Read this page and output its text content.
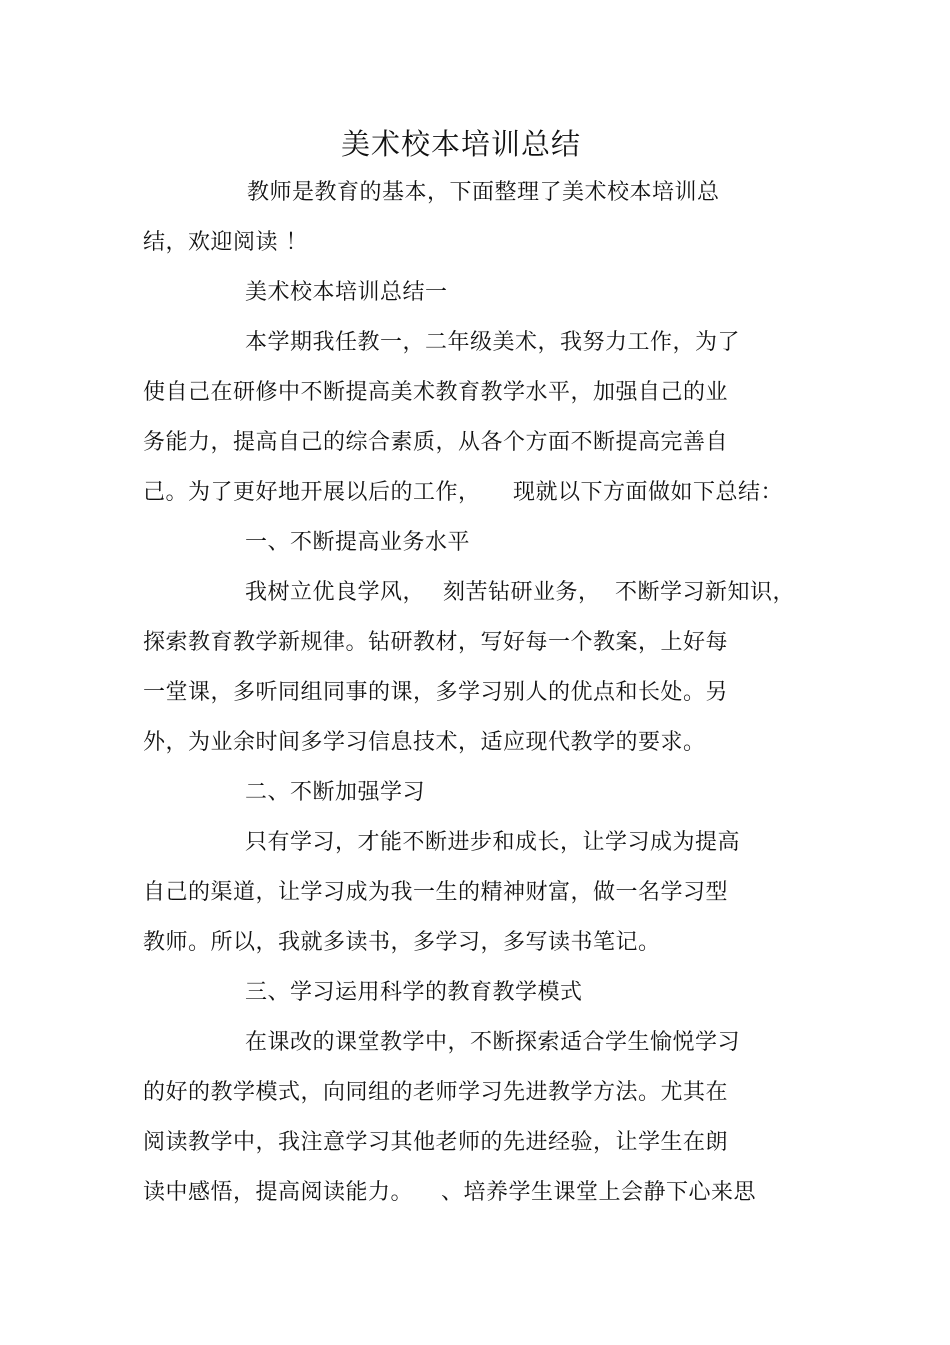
美术校本培训总结
教师是教育的基本，下面整理了美术校本培训总
结，欢迎阅读 ！
美术校本培训总结一
本学期我任教一，二年级美术，我努力工作，为了
使自己在研修中不断提高美术教育教学水平，加强自己的业
务能力，提高自己的综合素质，从各个方面不断提高完善自
己。为了更好地开展以后的工作， 现就以下方面做如下总结：
一、不断提高业务水平
我树立优良学风， 刻苦钻研业务， 不断学习新知识，
探索教育教学新规律。钻研教材，写好每一个教案，上好每
一堂课，多听同组同事的课，多学习别人的优点和长处。另
外，为业余时间多学习信息技术，适应现代教学的要求。
二、不断加强学习
只有学习，才能不断进步和成长，让学习成为提高
自己的渠道，让学习成为我一生的精神财富，做一名学习型
教师。所以，我就多读书，多学习，多写读书笔记。
三、学习运用科学的教育教学模式
在课改的课堂教学中，不断探索适合学生愉悦学习
的好的教学模式，向同组的老师学习先进教学方法。尤其在
阅读教学中，我注意学习其他老师的先进经验，让学生在朗
读中感悟，提高阅读能力。 、培养学生课堂上会静下心来思
